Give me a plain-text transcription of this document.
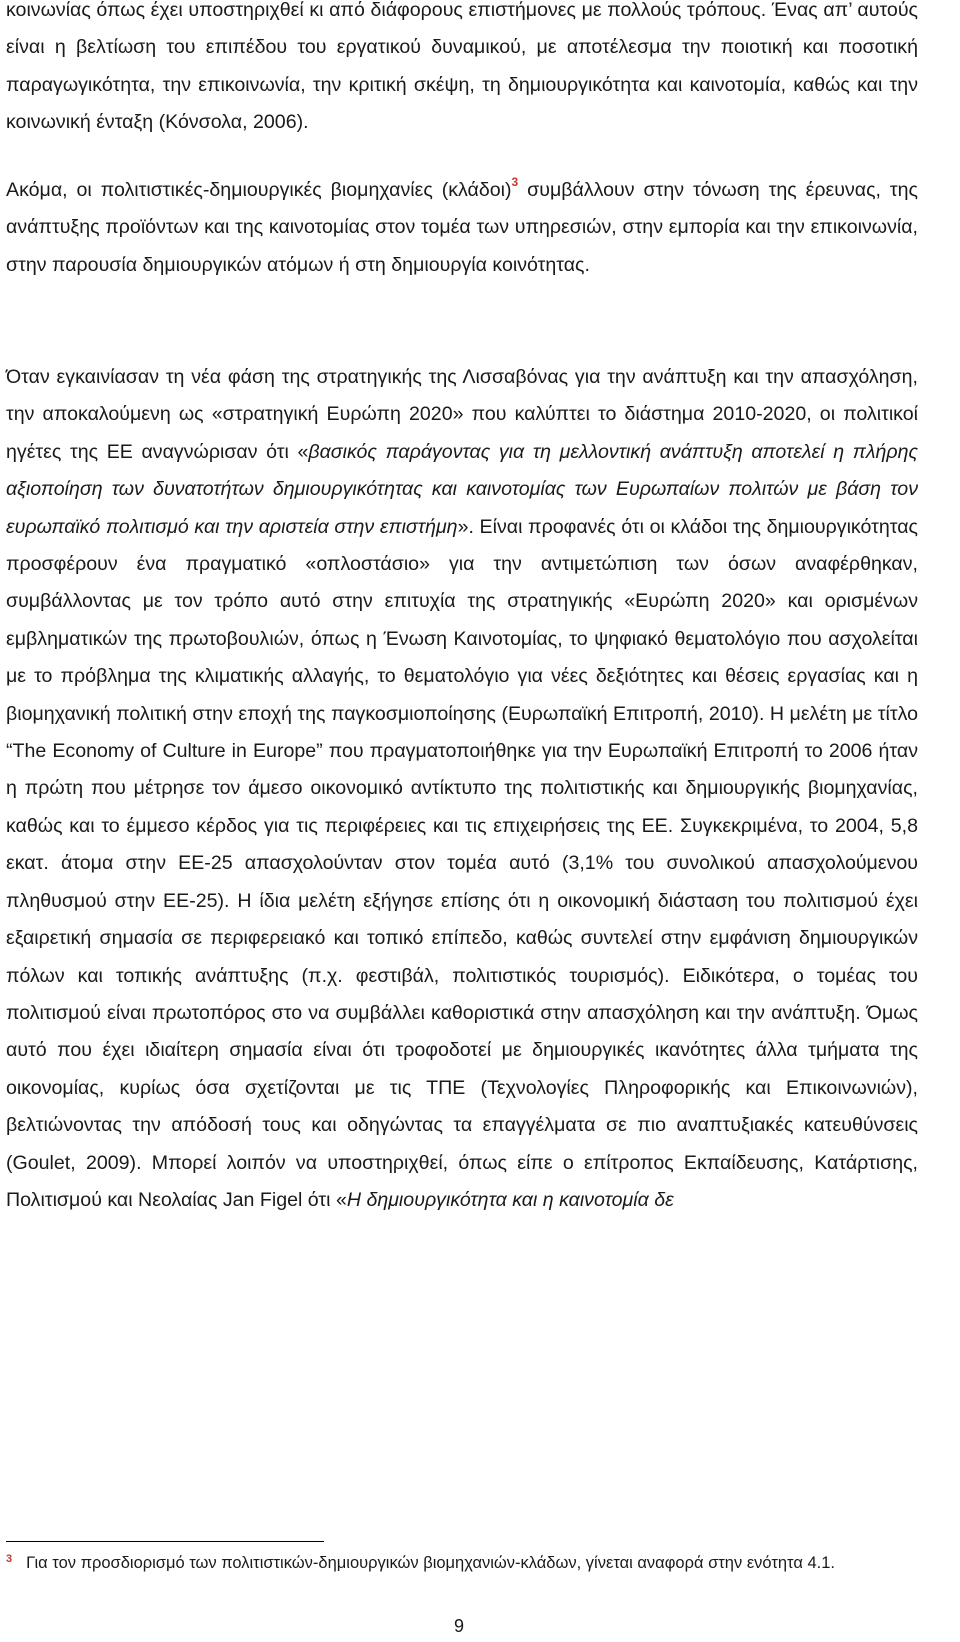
κοινωνίας όπως έχει υποστηριχθεί κι από διάφορους επιστήμονες με πολλούς τρόπους. Ένας απ’ αυτούς είναι η βελτίωση του επιπέδου του εργατικού δυναμικού, με αποτέλεσμα την ποιοτική και ποσοτική παραγωγικότητα, την επικοινωνία, την κριτική σκέψη, τη δημιουργικότητα και καινοτομία, καθώς και την κοινωνική ένταξη (Κόνσολα, 2006).

Ακόμα, οι πολιτιστικές-δημιουργικές βιομηχανίες (κλάδοι)$^3$ συμβάλλουν στην τόνωση της έρευνας, της ανάπτυξης προϊόντων και της καινοτομίας στον τομέα των υπηρεσιών, στην εμπορία και την επικοινωνία, στην παρουσία δημιουργικών ατόμων ή στη δημιουργία κοινότητας.

Όταν εγκαινίασαν τη νέα φάση της στρατηγικής της Λισσαβόνας για την ανάπτυξη και την απασχόληση, την αποκαλούμενη ως «στρατηγική Ευρώπη 2020» που καλύπτει το διάστημα 2010-2020, οι πολιτικοί ηγέτες της ΕΕ αναγνώρισαν ότι «βασικός παράγοντας για τη μελλοντική ανάπτυξη αποτελεί η πλήρης αξιοποίηση των δυνατοτήτων δημιουργικότητας και καινοτομίας των Ευρωπαίων πολιτών με βάση τον ευρωπαϊκό πολιτισμό και την αριστεία στην επιστήμη». Είναι προφανές ότι οι κλάδοι της δημιουργικότητας προσφέρουν ένα πραγματικό «οπλοστάσιο» για την αντιμετώπιση των όσων αναφέρθηκαν, συμβάλλοντας με τον τρόπο αυτό στην επιτυχία της στρατηγικής «Ευρώπη 2020» και ορισμένων εμβληματικών της πρωτοβουλιών, όπως η Ένωση Καινοτομίας, το ψηφιακό θεματολόγιο που ασχολείται με το πρόβλημα της κλιματικής αλλαγής, το θεματολόγιο για νέες δεξιότητες και θέσεις εργασίας και η βιομηχανική πολιτική στην εποχή της παγκοσμιοποίησης (Ευρωπαϊκή Επιτροπή, 2010). Η μελέτη με τίτλο “The Economy of Culture in Europe” που πραγματοποιήθηκε για την Ευρωπαϊκή Επιτροπή το 2006 ήταν η πρώτη που μέτρησε τον άμεσο οικονομικό αντίκτυπο της πολιτιστικής και δημιουργικής βιομηχανίας, καθώς και το έμμεσο κέρδος για τις περιφέρειες και τις επιχειρήσεις της ΕΕ. Συγκεκριμένα, το 2004, 5,8 εκατ. άτομα στην ΕΕ-25 απασχολούνταν στον τομέα αυτό (3,1% του συνολικού απασχολούμενου πληθυσμού στην ΕΕ-25). Η ίδια μελέτη εξήγησε επίσης ότι η οικονομική διάσταση του πολιτισμού έχει εξαιρετική σημασία σε περιφερειακό και τοπικό επίπεδο, καθώς συντελεί στην εμφάνιση δημιουργικών πόλων και τοπικής ανάπτυξης (π.χ. φεστιβάλ, πολιτιστικός τουρισμός). Ειδικότερα, ο τομέας του πολιτισμού είναι πρωτοπόρος στο να συμβάλλει καθοριστικά στην απασχόληση και την ανάπτυξη. Όμως αυτό που έχει ιδιαίτερη σημασία είναι ότι τροφοδοτεί με δημιουργικές ικανότητες άλλα τμήματα της οικονομίας, κυρίως όσα σχετίζονται με τις ΤΠΕ (Τεχνολογίες Πληροφορικής και Επικοινωνιών), βελτιώνοντας την απόδοσή τους και οδηγώντας τα επαγγέλματα σε πιο αναπτυξιακές κατευθύνσεις (Goulet, 2009). Μπορεί λοιπόν να υποστηριχθεί, όπως είπε ο επίτροπος Εκπαίδευσης, Κατάρτισης, Πολιτισμού και Νεολαίας Jan Figel ότι «Η δημιουργικότητα και η καινοτομία δε

$^3$ Για τον προσδιορισμό των πολιτιστικών-δημιουργικών βιομηχανιών-κλάδων, γίνεται αναφορά στην ενότητα 4.1.

9
